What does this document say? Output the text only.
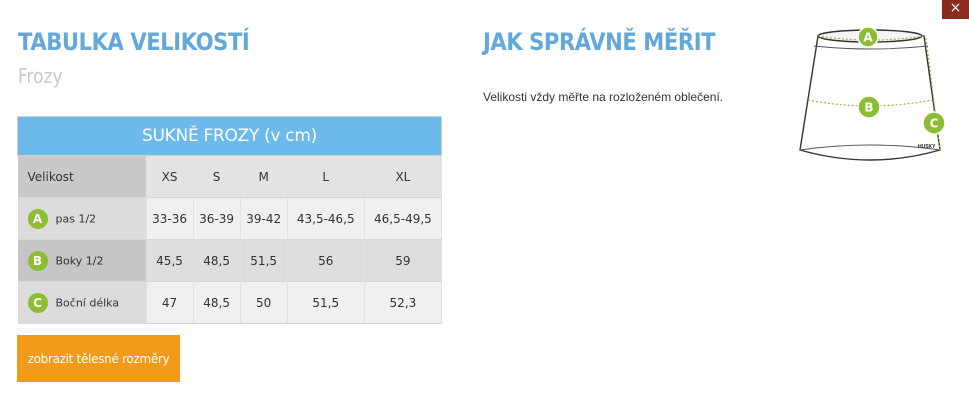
×
TABULKA VELIKOSTÍ
Frozy
SUKNĚ FROZY (v cm)					
Velikost	XS	S	M	L	XL
A pas 1/2	33-36	36-39	39-42	43,5-46,5	46,5-49,5
B Boky 1/2	45,5	48,5	51,5	56	59
C Boční délka	47	48,5	50	51,5	52,3
zobrazit tělesné rozměry
JAK SPRÁVNĚ MĚŘIT
Velikosti vždy měřte na rozloženém oblečení.
HUSKY
A
B
C
